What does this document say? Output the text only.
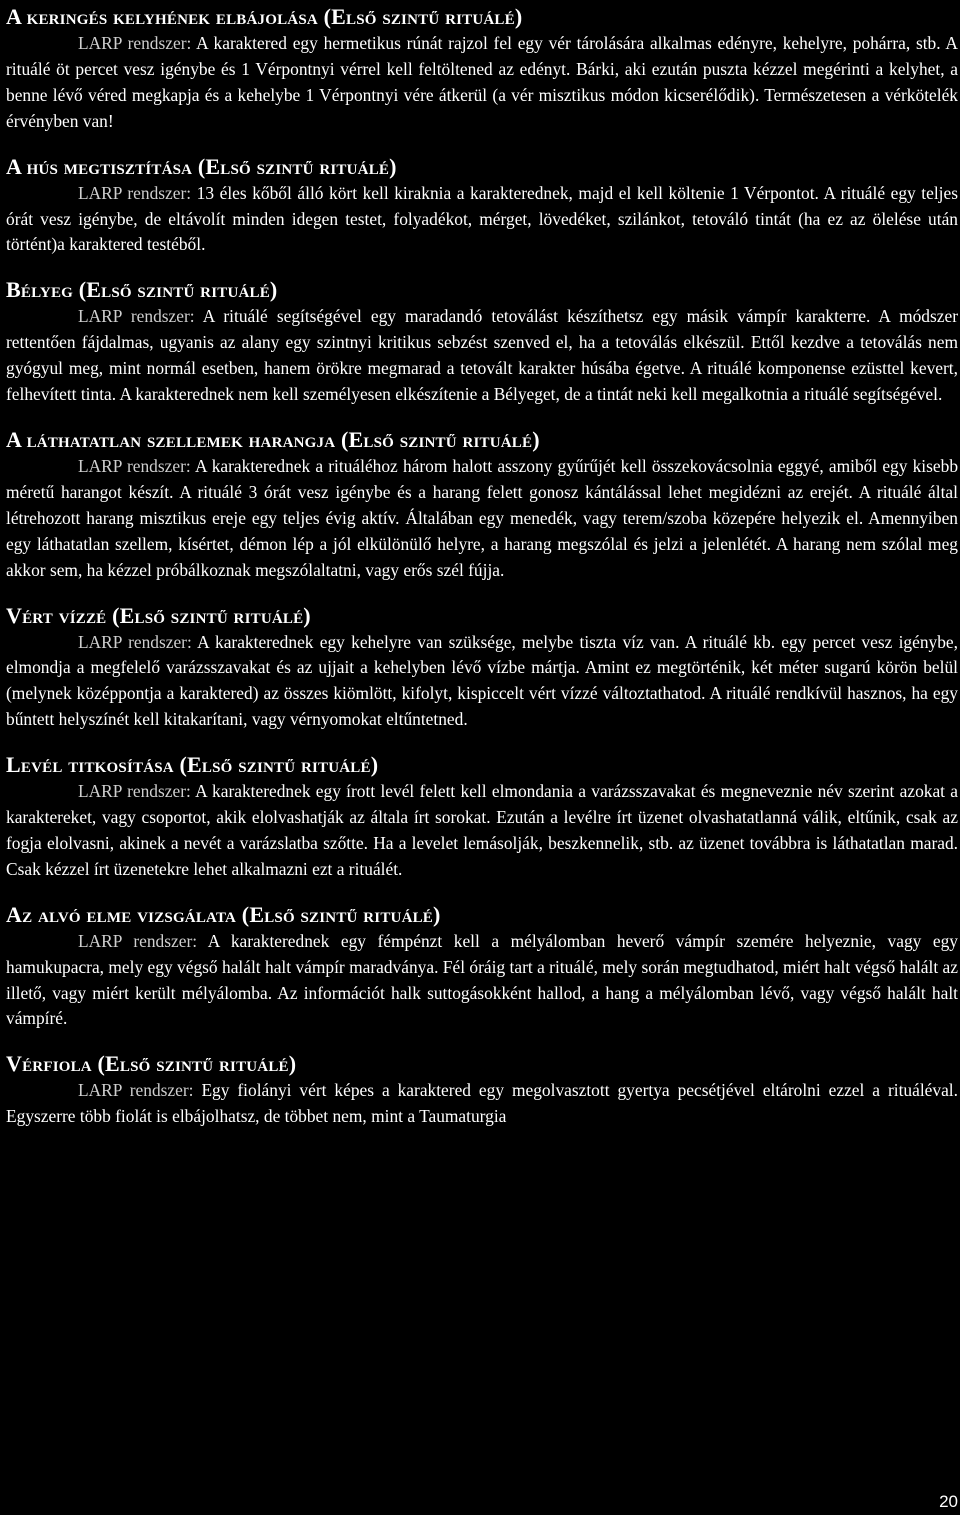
A keringés kelyhének elbájolása (Első szintű rituálé)

LARP rendszer: A karaktered egy hermetikus rúnát rajzol fel egy vér tárolására alkalmas edényre, kehelyre, pohárra, stb. A rituálé öt percet vesz igénybe és 1 Vérpontnyi vérrel kell feltöltened az edényt. Bárki, aki ezután puszta kézzel megérinti a kelyhet, a benne lévő véred megkapja és a kehelybe 1 Vérpontnyi vére átkerül (a vér misztikus módon kicserélődik). Természetesen a vérkötelék érvényben van!

A hús megtisztítása (Első szintű rituálé)

LARP rendszer: 13 éles kőből álló kört kell kiraknia a karakterednek, majd el kell költenie 1 Vérpontot. A rituálé egy teljes órát vesz igénybe, de eltávolít minden idegen testet, folyadékot, mérget, lövedéket, szilánkot, tetováló tintát (ha ez az ölelése után történt)a karaktered testéből.

Bélyeg (Első szintű rituálé)

LARP rendszer: A rituálé segítségével egy maradandó tetoválást készíthetsz egy másik vámpír karakterre. A módszer rettentően fájdalmas, ugyanis az alany egy szintnyi kritikus sebzést szenved el, ha a tetoválás elkészül. Ettől kezdve a tetoválás nem gyógyul meg, mint normál esetben, hanem örökre megmarad a tetovált karakter húsába égetve. A rituálé komponense ezüsttel kevert, felhevített tinta. A karakterednek nem kell személyesen elkészítenie a Bélyeget, de a tintát neki kell megalkotnia a rituálé segítségével.

A láthatatlan szellemek harangja (Első szintű rituálé)

LARP rendszer: A karakterednek a rituáléhoz három halott asszony gyűrűjét kell összekovácsolnia eggyé, amiből egy kisebb méretű harangot készít. A rituálé 3 órát vesz igénybe és a harang felett gonosz kántálással lehet megidézni az erejét. A rituálé által létrehozott harang misztikus ereje egy teljes évig aktív. Általában egy menedék, vagy terem/szoba közepére helyezik el. Amennyiben egy láthatatlan szellem, kísértet, démon lép a jól elkülönülő helyre, a harang megszólal és jelzi a jelenlétét. A harang nem szólal meg akkor sem, ha kézzel próbálkoznak megszólaltatni, vagy erős szél fújja.

Vért vízzé (Első szintű rituálé)

LARP rendszer: A karakterednek egy kehelyre van szüksége, melybe tiszta víz van. A rituálé kb. egy percet vesz igénybe, elmondja a megfelelő varázsszavakat és az ujjait a kehelyben lévő vízbe mártja. Amint ez megtörténik, két méter sugarú körön belül (melynek középpontja a karaktered) az összes kiömlött, kifolyt, kispiccelt vért vízzé változtathatod. A rituálé rendkívül hasznos, ha egy bűntett helyszínét kell kitakarítani, vagy vérnyomokat eltűntetned.

Levél titkosítása (Első szintű rituálé)

LARP rendszer: A karakterednek egy írott levél felett kell elmondania a varázsszavakat és megneveznie név szerint azokat a karaktereket, vagy csoportot, akik elolvashatják az általa írt sorokat. Ezután a levélre írt üzenet olvashatatlanná válik, eltűnik, csak az fogja elolvasni, akinek a nevét a varázslatba szőtte. Ha a levelet lemásolják, beszkennelik, stb. az üzenet továbbra is láthatatlan marad. Csak kézzel írt üzenetekre lehet alkalmazni ezt a rituálét.

Az alvó elme vizsgálata (Első szintű rituálé)

LARP rendszer: A karakterednek egy fémpénzt kell a mélyálomban heverő vámpír szemére helyeznie, vagy egy hamukupacra, mely egy végső halált halt vámpír maradványa. Fél óráig tart a rituálé, mely során megtudhatod, miért halt végső halált az illető, vagy miért került mélyálomba. Az információt halk suttogásokként hallod, a hang a mélyálomban lévő, vagy végső halált halt vámpíré.

Vérfiola (Első szintű rituálé)

LARP rendszer: Egy fiolányi vért képes a karaktered egy megolvasztott gyertya pecsétjével eltárolni ezzel a rituáléval. Egyszerre több fiolát is elbájolhatsz, de többet nem, mint a Taumaturgia

20
